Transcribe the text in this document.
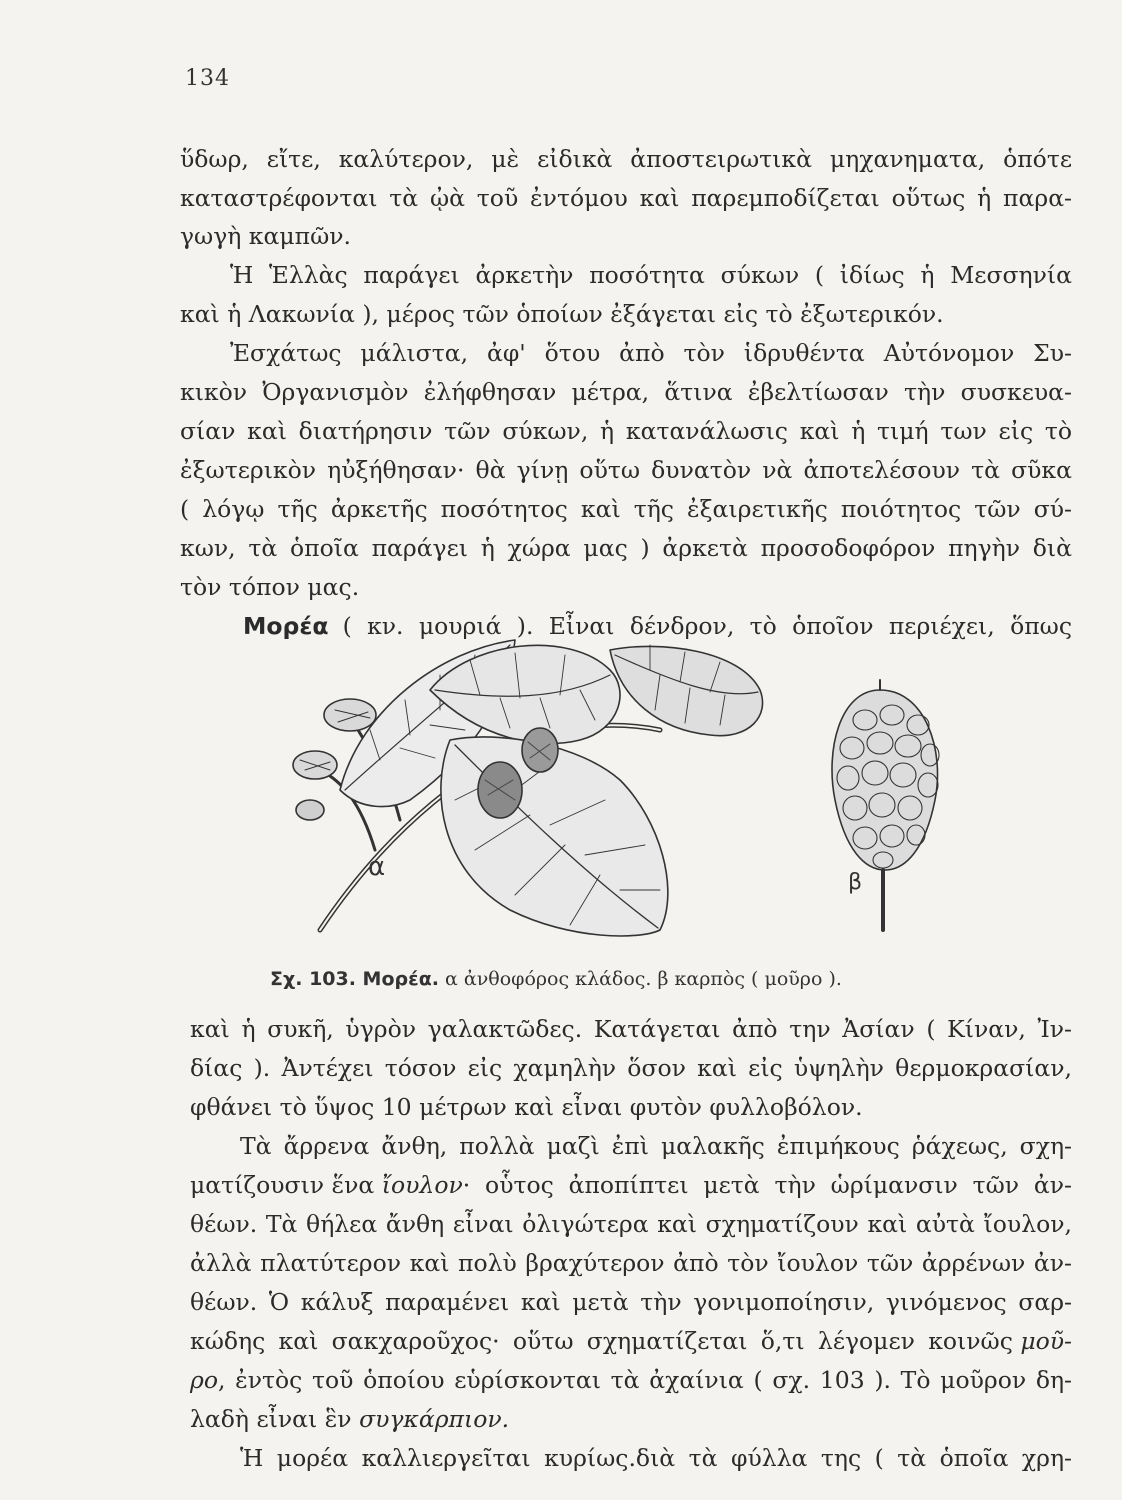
134
ὕδωρ, εἴτε, καλύτερον, μὲ εἰδικὰ ἀποστειρωτικὰ μηχανηματα, ὁπότε
καταστρέφονται τὰ ᾠὰ τοῦ ἐντόμου καὶ παρεμποδίζεται οὕτως ἡ παρα-
γωγὴ καμπῶν.
Ἡ Ἑλλὰς παράγει ἀρκετὴν ποσότητα σύκων ( ἰδίως ἡ Μεσσηνία
καὶ ἡ Λακωνία ), μέρος τῶν ὁποίων ἐξάγεται εἰς τὸ ἐξωτερικόν.
Ἐσχάτως μάλιστα, ἀφ' ὅτου ἀπὸ τὸν ἱδρυθέντα Αὐτόνομον Συ-
κικὸν Ὀργανισμὸν ἐλήφθησαν μέτρα, ἅτινα ἐβελτίωσαν τὴν συσκευα-
σίαν καὶ διατήρησιν τῶν σύκων, ἡ κατανάλωσις καὶ ἡ τιμή των εἰς τὸ
ἐξωτερικὸν ηὐξήθησαν· θὰ γίνῃ οὕτω δυνατὸν νὰ ἀποτελέσουν τὰ σῦκα
( λόγῳ τῆς ἀρκετῆς ποσότητος καὶ τῆς ἐξαιρετικῆς ποιότητος τῶν σύ-
κων, τὰ ὁποῖα παράγει ἡ χώρα μας ) ἀρκετὰ προσοδοφόρον πηγὴν διὰ
τὸν τόπον μας.
Μορέα ( κν. μουριά ). Εἶναι δένδρον, τὸ ὁποῖον περιέχει, ὅπως
α
β
Σχ. 103. Μορέα. α ἀνθοφόρος κλάδος. β καρπὸς ( μοῦρο ).
καὶ ἡ συκῆ, ὑγρὸν γαλακτῶδες. Κατάγεται ἀπὸ την Ἀσίαν ( Κίναν, Ἰν-
δίας ). Ἀντέχει τόσον εἰς χαμηλὴν ὅσον καὶ εἰς ὑψηλὴν θερμοκρασίαν,
φθάνει τὸ ὕψος 10 μέτρων καὶ εἶναι φυτὸν φυλλοβόλον.
Τὰ ἄρρενα ἄνθη, πολλὰ μαζὶ ἐπὶ μαλακῆς ἐπιμήκους ῥάχεως, σχη-
ματίζουσιν ἕνα ἴουλον · οὗτος ἀποπίπτει μετὰ τὴν ὡρίμανσιν τῶν ἀν-
θέων. Τὰ θήλεα ἄνθη εἶναι ὀλιγώτερα καὶ σχηματίζουν καὶ αὐτὰ ἴουλον,
ἀλλὰ πλατύτερον καὶ πολὺ βραχύτερον ἀπὸ τὸν ἴουλον τῶν ἀρρένων ἀν-
θέων. Ὁ κάλυξ παραμένει καὶ μετὰ τὴν γονιμοποίησιν, γινόμενος σαρ-
κώδης καὶ σακχαροῦχος· οὕτω σχηματίζεται ὅ,τι λέγομεν κοινῶς μοῦ-
ρο , ἐντὸς τοῦ ὁποίου εὑρίσκονται τὰ ἀχαίνια ( σχ. 103 ). Τὸ μοῦρον δη-
λαδὴ εἶναι ἓν συγκάρπιον.
Ἡ μορέα καλλιεργεῖται κυρίως.διὰ τὰ φύλλα της ( τὰ ὁποῖα χρη-
